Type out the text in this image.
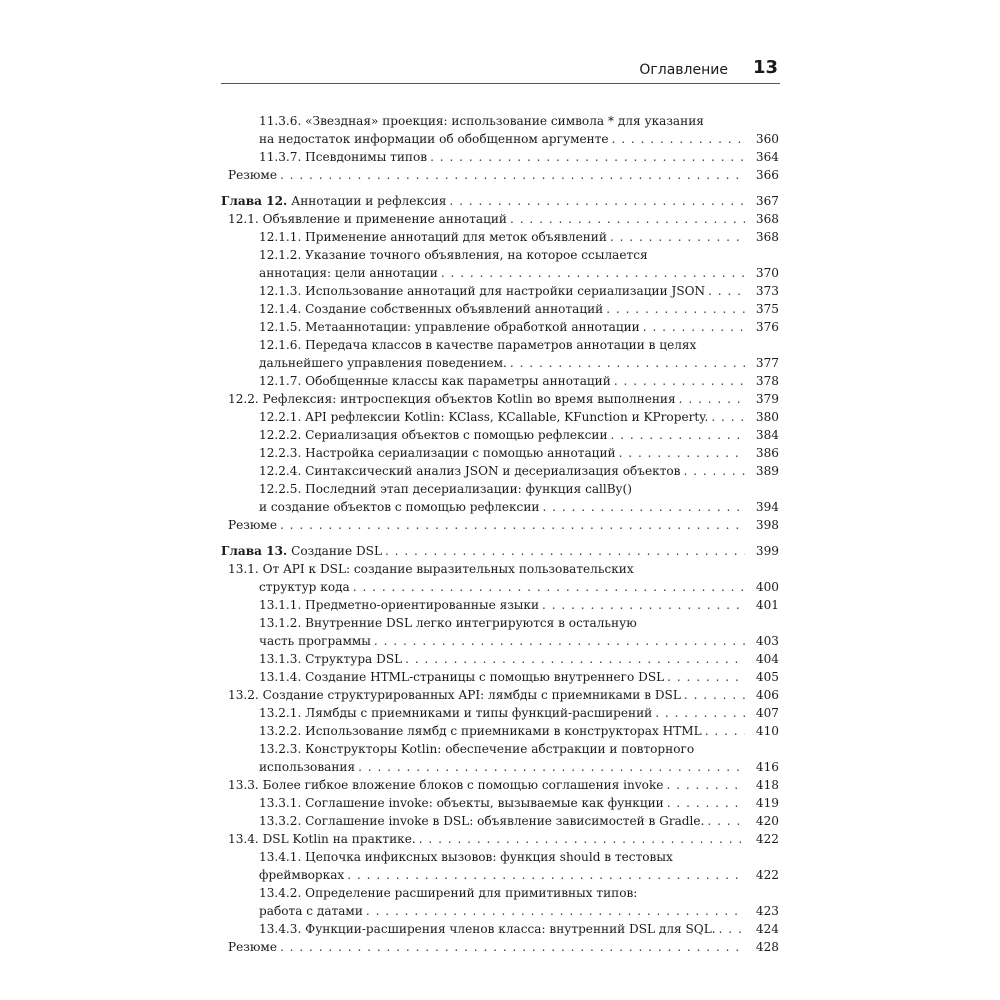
Оглавление 13
11.3.6. «Звездная» проекция: использование символа * для указания
на недостаток информации об обобщенном аргументе . . .	360
11.3.7. Псевдонимы типов . . .	364
Резюме . . .	366
Глава 12. Аннотации и рефлексия . . .	367
12.1. Объявление и применение аннотаций . . .	368
12.1.1. Применение аннотаций для меток объявлений . . .	368
12.1.2. Указание точного объявления, на которое ссылается
аннотация: цели аннотации . . .	370
12.1.3. Использование аннотаций для настройки сериализации JSON . . .	373
12.1.4. Создание собственных объявлений аннотаций . . .	375
12.1.5. Метааннотации: управление обработкой аннотации . . .	376
12.1.6. Передача классов в качестве параметров аннотации в целях
дальнейшего управления поведением. . . .	377
12.1.7. Обобщенные классы как параметры аннотаций . . .	378
12.2. Рефлексия: интроспекция объектов Kotlin во время выполнения . . .	379
12.2.1. API рефлексии Kotlin: KClass, KCallable, KFunction и KProperty. . . .	380
12.2.2. Сериализация объектов с помощью рефлексии . . .	384
12.2.3. Настройка сериализации с помощью аннотаций . . .	386
12.2.4. Синтаксический анализ JSON и десериализация объектов . . .	389
12.2.5. Последний этап десериализации: функция callBy()
и создание объектов с помощью рефлексии . . .	394
Резюме . . .	398
Глава 13. Создание DSL . . .	399
13.1. От API к DSL: создание выразительных пользовательских
структур кода . . .	400
13.1.1. Предметно-ориентированные языки . . .	401
13.1.2. Внутренние DSL легко интегрируются в остальную
часть программы . . .	403
13.1.3. Структура DSL . . .	404
13.1.4. Создание HTML-страницы с помощью внутреннего DSL . . .	405
13.2. Создание структурированных API: лямбды с приемниками в DSL . . .	406
13.2.1. Лямбды с приемниками и типы функций-расширений . . .	407
13.2.2. Использование лямбд с приемниками в конструкторах HTML . . .	410
13.2.3. Конструкторы Kotlin: обеспечение абстракции и повторного
использования . . .	416
13.3. Более гибкое вложение блоков с помощью соглашения invoke . . .	418
13.3.1. Соглашение invoke: объекты, вызываемые как функции . . .	419
13.3.2. Соглашение invoke в DSL: объявление зависимостей в Gradle. . . .	420
13.4. DSL Kotlin на практике. . . .	422
13.4.1. Цепочка инфиксных вызовов: функция should в тестовых
фреймворках . . .	422
13.4.2. Определение расширений для примитивных типов:
работа с датами . . .	423
13.4.3. Функции-расширения членов класса: внутренний DSL для SQL. . . .	424
Резюме . . .	428
